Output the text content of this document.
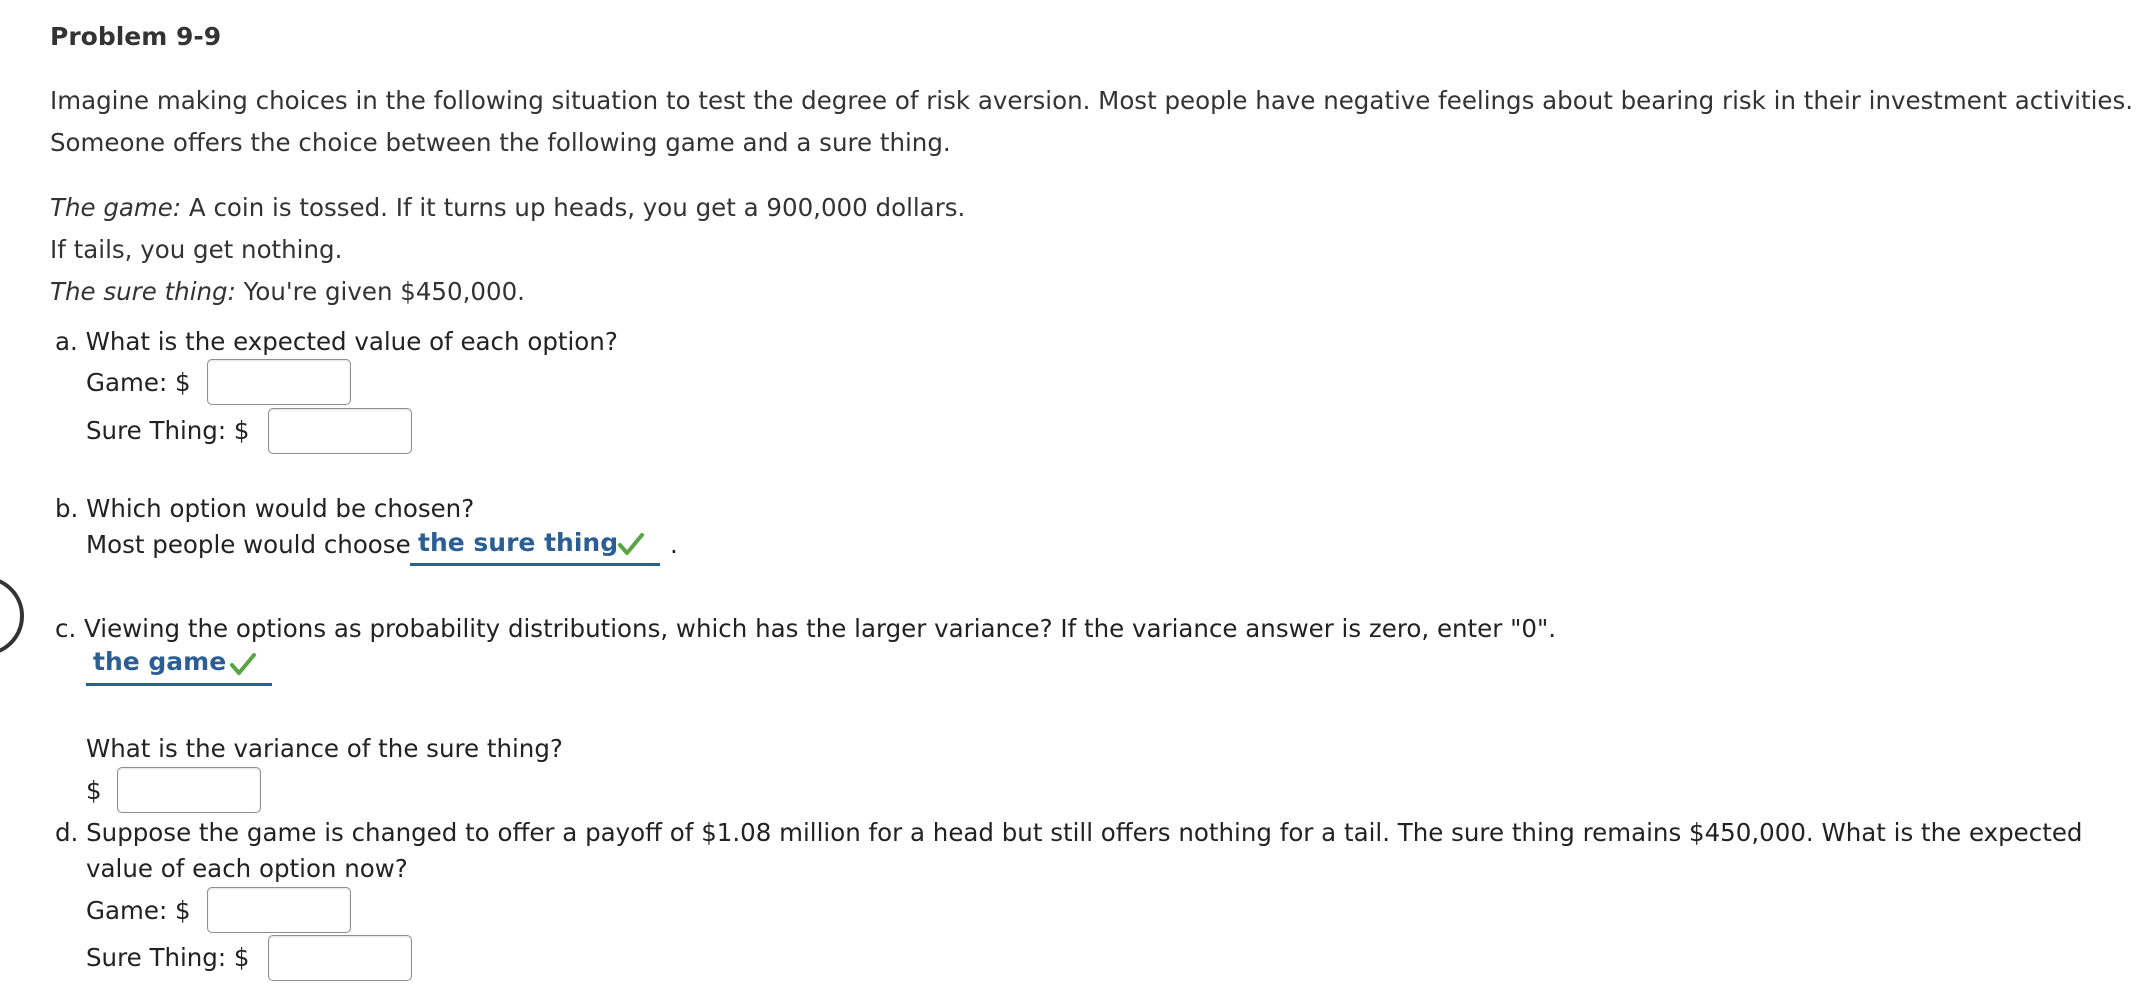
Problem 9-9
Imagine making choices in the following situation to test the degree of risk aversion. Most people have negative feelings about bearing risk in their investment activities.
Someone offers the choice between the following game and a sure thing.
The game: A coin is tossed. If it turns up heads, you get a 900,000 dollars.
If tails, you get nothing.
The sure thing: You're given $450,000.
a. What is the expected value of each option?
Game: $
Sure Thing: $
b. Which option would be chosen?
Most people would choose the sure thing .
c. Viewing the options as probability distributions, which has the larger variance? If the variance answer is zero, enter "0".
the game
What is the variance of the sure thing?
$
d. Suppose the game is changed to offer a payoff of $1.08 million for a head but still offers nothing for a tail. The sure thing remains $450,000. What is the expected
value of each option now?
Game: $
Sure Thing: $
